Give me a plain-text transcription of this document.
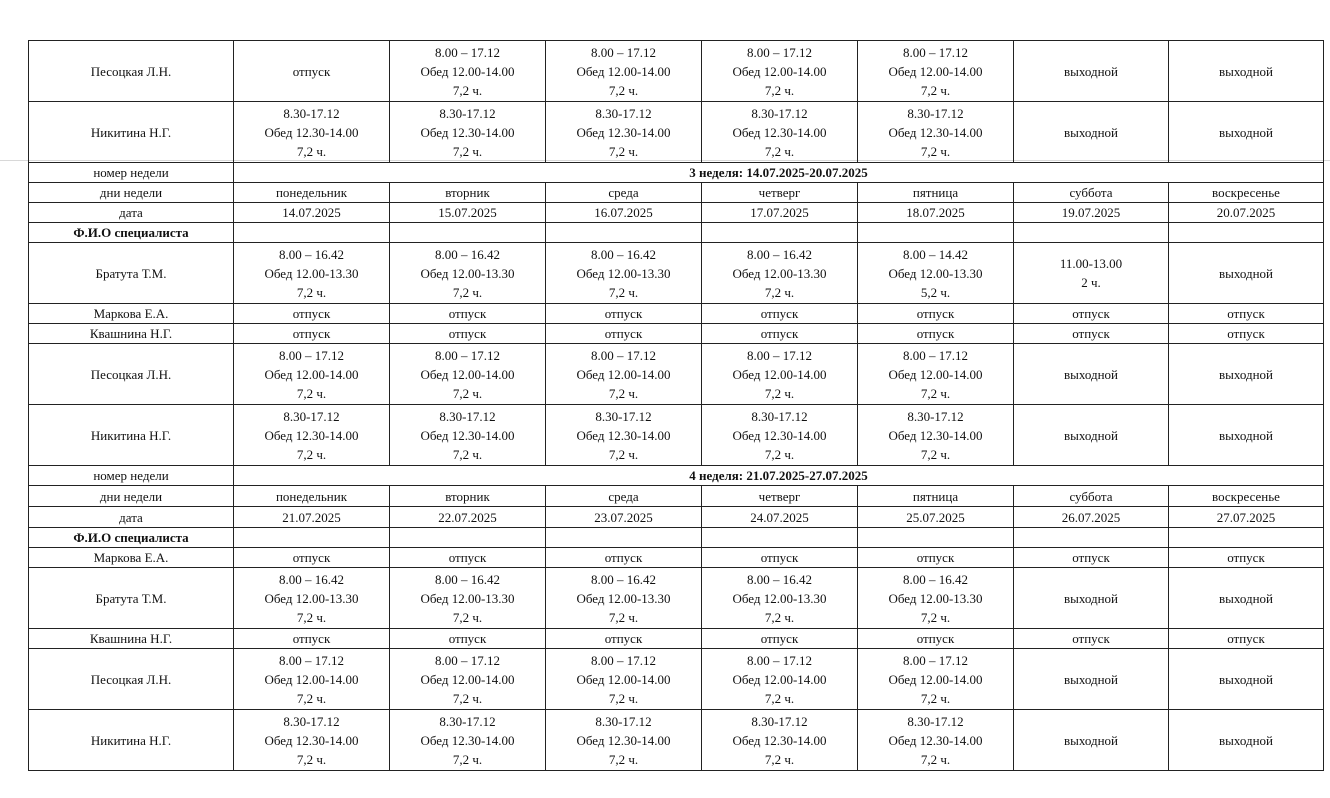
Песоцкая Л.Н.	отпуск	8.00 – 17.12
Обед 12.00-14.00
7,2 ч.	8.00 – 17.12
Обед 12.00-14.00
7,2 ч.	8.00 – 17.12
Обед 12.00-14.00
7,2 ч.	8.00 – 17.12
Обед 12.00-14.00
7,2 ч.	выходной	выходной

Никитина Н.Г.	8.30-17.12
Обед 12.30-14.00
7,2 ч.	8.30-17.12
Обед 12.30-14.00
7,2 ч.	8.30-17.12
Обед 12.30-14.00
7,2 ч.	8.30-17.12
Обед 12.30-14.00
7,2 ч.	8.30-17.12
Обед 12.30-14.00
7,2 ч.	выходной	выходной

номер недели	3 неделя: 14.07.2025-20.07.2025						
дни недели	понедельник	вторник	среда	четверг	пятница	суббота	воскресенье
дата	14.07.2025	15.07.2025	16.07.2025	17.07.2025	18.07.2025	19.07.2025	20.07.2025
Ф.И.О специалиста							
Братута Т.М.	8.00 – 16.42
Обед 12.00-13.30
7,2 ч.	8.00 – 16.42
Обед 12.00-13.30
7,2 ч.	8.00 – 16.42
Обед 12.00-13.30
7,2 ч.	8.00 – 16.42
Обед 12.00-13.30
7,2 ч.	8.00 – 14.42
Обед 12.00-13.30
5,2 ч.	11.00-13.00
2 ч.	выходной

Маркова Е.А.	отпуск	отпуск	отпуск	отпуск	отпуск	отпуск	отпуск

Квашнина Н.Г.	отпуск	отпуск	отпуск	отпуск	отпуск	отпуск	отпуск

Песоцкая Л.Н.	8.00 – 17.12
Обед 12.00-14.00
7,2 ч.	8.00 – 17.12
Обед 12.00-14.00
7,2 ч.	8.00 – 17.12
Обед 12.00-14.00
7,2 ч.	8.00 – 17.12
Обед 12.00-14.00
7,2 ч.	8.00 – 17.12
Обед 12.00-14.00
7,2 ч.	выходной	выходной

Никитина Н.Г.	8.30-17.12
Обед 12.30-14.00
7,2 ч.	8.30-17.12
Обед 12.30-14.00
7,2 ч.	8.30-17.12
Обед 12.30-14.00
7,2 ч.	8.30-17.12
Обед 12.30-14.00
7,2 ч.	8.30-17.12
Обед 12.30-14.00
7,2 ч.	выходной	выходной

номер недели	4 неделя: 21.07.2025-27.07.2025						
дни недели	понедельник	вторник	среда	четверг	пятница	суббота	воскресенье
дата	21.07.2025	22.07.2025	23.07.2025	24.07.2025	25.07.2025	26.07.2025	27.07.2025
Ф.И.О специалиста							
Маркова Е.А.	отпуск	отпуск	отпуск	отпуск	отпуск	отпуск	отпуск

Братута Т.М.	8.00 – 16.42
Обед 12.00-13.30
7,2 ч.	8.00 – 16.42
Обед 12.00-13.30
7,2 ч.	8.00 – 16.42
Обед 12.00-13.30
7,2 ч.	8.00 – 16.42
Обед 12.00-13.30
7,2 ч.	8.00 – 16.42
Обед 12.00-13.30
7,2 ч.	выходной	выходной

Квашнина Н.Г.	отпуск	отпуск	отпуск	отпуск	отпуск	отпуск	отпуск

Песоцкая Л.Н.	8.00 – 17.12
Обед 12.00-14.00
7,2 ч.	8.00 – 17.12
Обед 12.00-14.00
7,2 ч.	8.00 – 17.12
Обед 12.00-14.00
7,2 ч.	8.00 – 17.12
Обед 12.00-14.00
7,2 ч.	8.00 – 17.12
Обед 12.00-14.00
7,2 ч.	выходной	выходной

Никитина Н.Г.	8.30-17.12
Обед 12.30-14.00
7,2 ч.	8.30-17.12
Обед 12.30-14.00
7,2 ч.	8.30-17.12
Обед 12.30-14.00
7,2 ч.	8.30-17.12
Обед 12.30-14.00
7,2 ч.	8.30-17.12
Обед 12.30-14.00
7,2 ч.	выходной	выходной
